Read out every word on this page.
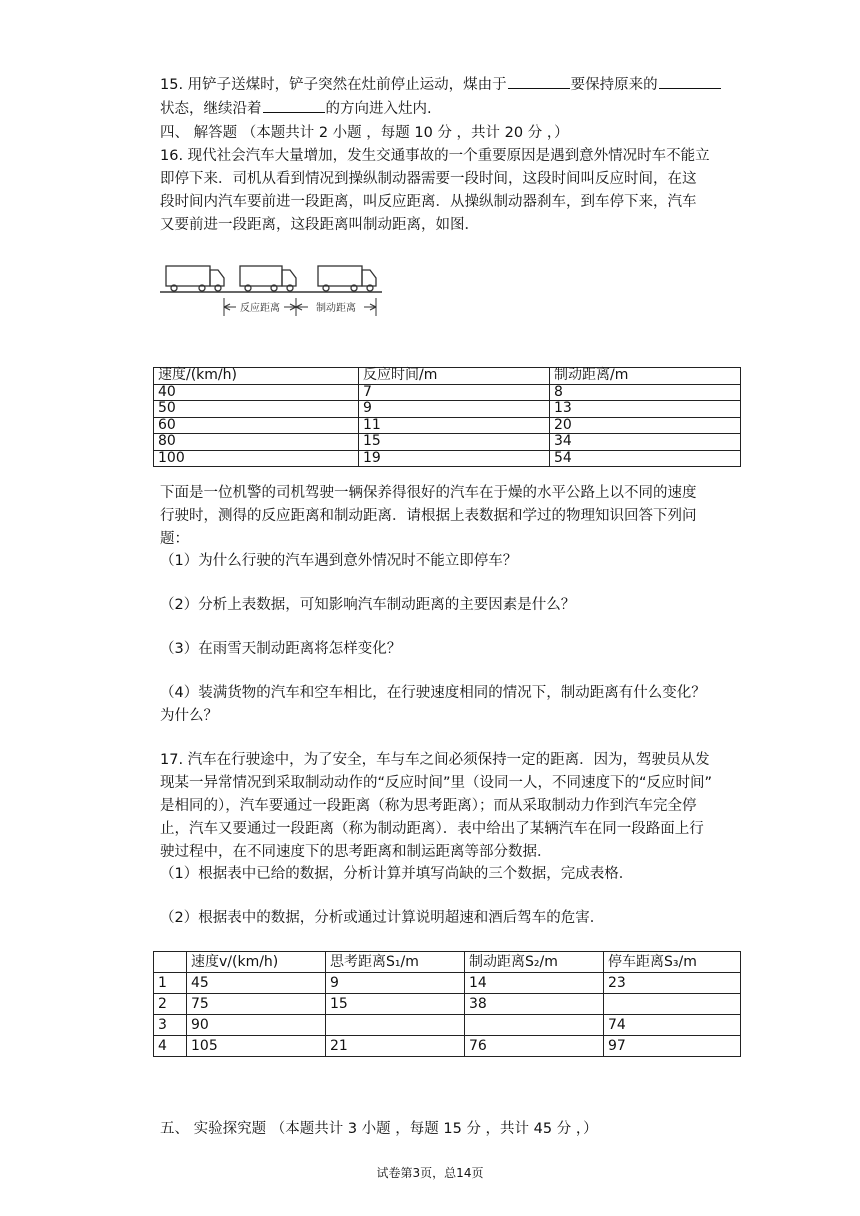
15. 用铲子送煤时，铲子突然在灶前停止运动，煤由于	要保持原来的
状态，继续沿着	的方向进入灶内.
四、 解答题 （本题共计 2 小题 ，每题 10 分 ，共计 20 分 ，）
16. 现代社会汽车大量增加，发生交通事故的一个重要原因是遇到意外情况时车不能立
即停下来．司机从看到情况到操纵制动器需要一段时间，这段时间叫反应时间，在这
段时间内汽车要前进一段距离，叫反应距离．从操纵制动器刹车，到车停下来，汽车
又要前进一段距离，这段距离叫制动距离，如图．
反应距离	制动距离
速度/(km/h)	反应时间/m	制动距离/m
40	7	8
50	9	13
60	11	20
80	15	34
100	19	54
下面是一位机警的司机驾驶一辆保养得很好的汽车在于燥的水平公路上以不同的速度
行驶时，测得的反应距离和制动距离．请根据上表数据和学过的物理知识回答下列问
题：
（1）为什么行驶的汽车遇到意外情况时不能立即停车？
（2）分析上表数据，可知影响汽车制动距离的主要因素是什么？
（3）在雨雪天制动距离将怎样变化？
（4）装满货物的汽车和空车相比，在行驶速度相同的情况下，制动距离有什么变化？
为什么？
17. 汽车在行驶途中，为了安全，车与车之间必须保持一定的距离．因为，驾驶员从发
现某一异常情况到采取制动动作的“反应时间”里（设同一人，不同速度下的“反应时间”
是相同的），汽车要通过一段距离（称为思考距离）；而从采取制动力作到汽车完全停
止，汽车又要通过一段距离（称为制动距离）．表中给出了某辆汽车在同一段路面上行
驶过程中，在不同速度下的思考距离和制运距离等部分数据．
（1）根据表中已给的数据，分析计算并填写尚缺的三个数据，完成表格．
（2）根据表中的数据，分析或通过计算说明超速和酒后驾车的危害．
	速度v/(km/h)	思考距离S₁/m	制动距离S₂/m	停车距离S₃/m
1	45	9	14	23
2	75	15	38	
3	90			74
4	105	21	76	97
五、 实验探究题 （本题共计 3 小题 ，每题 15 分 ，共计 45 分 ，）
试卷第3页，总14页
